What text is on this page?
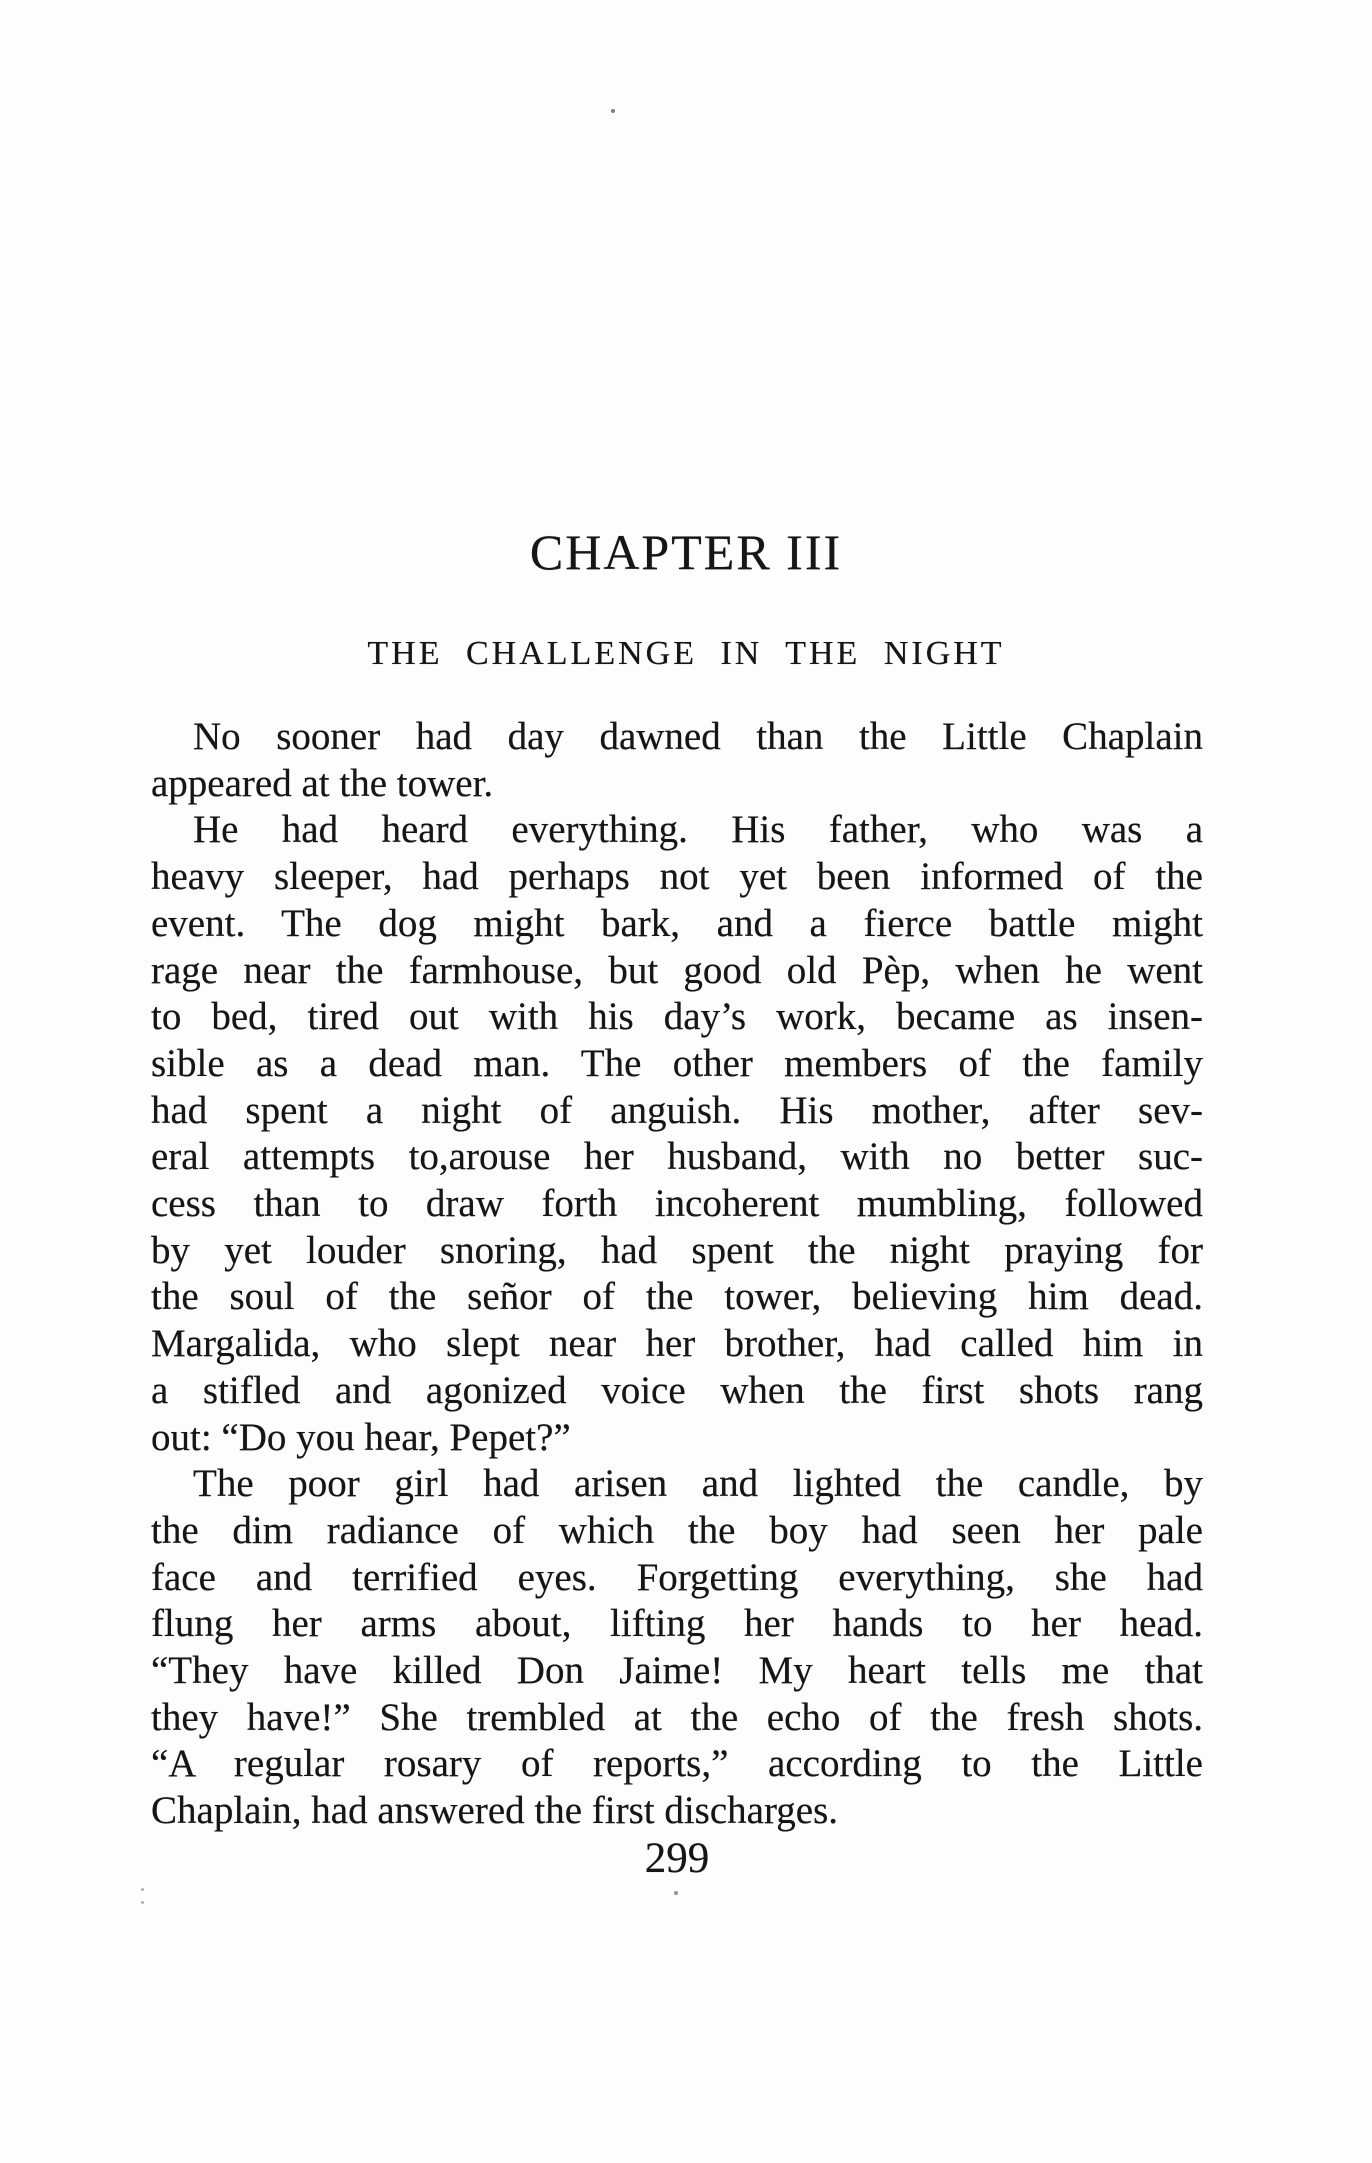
CHAPTER III
THE CHALLENGE IN THE NIGHT
No sooner had day dawned than the Little Chaplain
appeared at the tower.
He had heard everything. His father, who was a
heavy sleeper, had perhaps not yet been informed of the
event. The dog might bark, and a fierce battle might
rage near the farmhouse, but good old Pèp, when he went
to bed, tired out with his day’s work, became as insen-
sible as a dead man. The other members of the family
had spent a night of anguish. His mother, after sev-
eral attempts to,arouse her husband, with no better suc-
cess than to draw forth incoherent mumbling, followed
by yet louder snoring, had spent the night praying for
the soul of the señor of the tower, believing him dead.
Margalida, who slept near her brother, had called him in
a stifled and agonized voice when the first shots rang
out: “Do you hear, Pepet?”
The poor girl had arisen and lighted the candle, by
the dim radiance of which the boy had seen her pale
face and terrified eyes. Forgetting everything, she had
flung her arms about, lifting her hands to her head.
“They have killed Don Jaime! My heart tells me that
they have!” She trembled at the echo of the fresh shots.
“A regular rosary of reports,” according to the Little
Chaplain, had answered the first discharges.
299
